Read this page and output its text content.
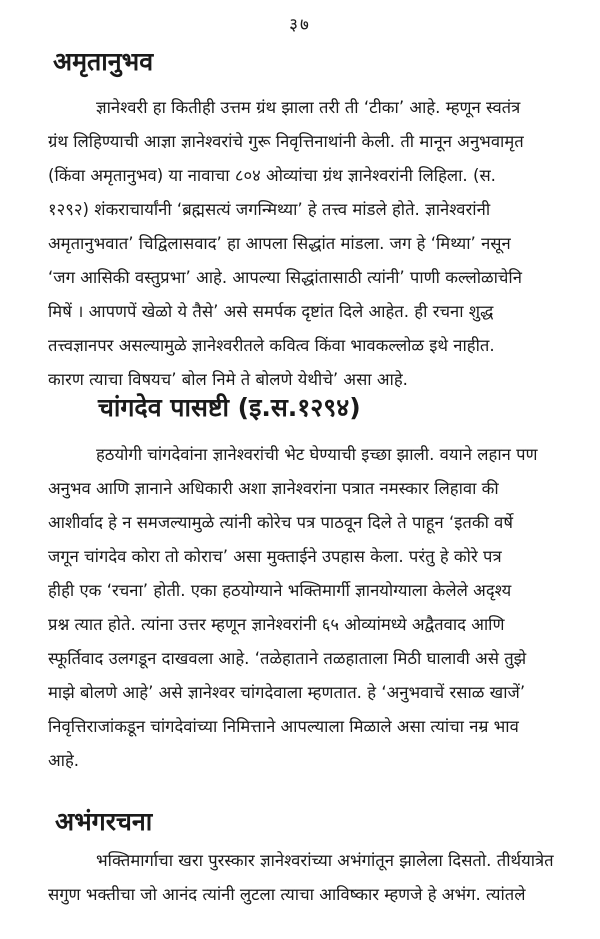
३७
अमृतानुभव
ज्ञानेश्वरी हा कितीही उत्तम ग्रंथ झाला तरी ती ‘टीका’ आहे. म्हणून स्वतंत्र
ग्रंथ लिहिण्याची आज्ञा ज्ञानेश्वरांचे गुरू निवृत्तिनाथांनी केली. ती मानून अनुभवामृत
(किंवा अमृतानुभव) या नावाचा ८०४ ओव्यांचा ग्रंथ ज्ञानेश्वरांनी लिहिला. (स.
१२९२) शंकराचार्यांनी ‘ब्रह्मसत्यं जगन्मिथ्या’ हे तत्त्व मांडले होते. ज्ञानेश्वरांनी
अमृतानुभवात’ चिद्विलासवाद’ हा आपला सिद्धांत मांडला. जग हे ‘मिथ्या’ नसून
‘जग आसिकी वस्तुप्रभा’ आहे. आपल्या सिद्धांतासाठी त्यांनी’ पाणी कल्लोळाचेनि
मिषें । आपणपें खेळो ये तैसे’ असे समर्पक दृष्टांत दिले आहेत. ही रचना शुद्ध
तत्त्वज्ञानपर असल्यामुळे ज्ञानेश्वरीतले कवित्व किंवा भावकल्लोळ इथे नाहीत.
कारण त्याचा विषयच’ बोल निमे ते बोलणे येथीचे’ असा आहे.
चांगदेव पासष्टी (इ.स.१२९४)
हठयोगी चांगदेवांना ज्ञानेश्वरांची भेट घेण्याची इच्छा झाली. वयाने लहान पण
अनुभव आणि ज्ञानाने अधिकारी अशा ज्ञानेश्वरांना पत्रात नमस्कार लिहावा की
आशीर्वाद हे न समजल्यामुळे त्यांनी कोरेच पत्र पाठवून दिले ते पाहून ‘इतकी वर्षे
जगून चांगदेव कोरा तो कोराच’ असा मुक्ताईने उपहास केला. परंतु हे कोरे पत्र
हीही एक ‘रचना’ होती. एका हठयोग्याने भक्तिमार्गी ज्ञानयोग्याला केलेले अदृश्य
प्रश्न त्यात होते. त्यांना उत्तर म्हणून ज्ञानेश्वरांनी ६५ ओव्यांमध्ये अद्वैतवाद आणि
स्फूर्तिवाद उलगडून दाखवला आहे. ‘तळेहाताने तळहाताला मिठी घालावी असे तुझे
माझे बोलणे आहे’ असे ज्ञानेश्वर चांगदेवाला म्हणतात. हे ‘अनुभवाचें रसाळ खाजें’
निवृत्तिराजांकडून चांगदेवांच्या निमित्ताने आपल्याला मिळाले असा त्यांचा नम्र भाव
आहे.
अभंगरचना
भक्तिमार्गाचा खरा पुरस्कार ज्ञानेश्वरांच्या अभंगांतून झालेला दिसतो. तीर्थयात्रेत
सगुण भक्तीचा जो आनंद त्यांनी लुटला त्याचा आविष्कार म्हणजे हे अभंग. त्यांतले
